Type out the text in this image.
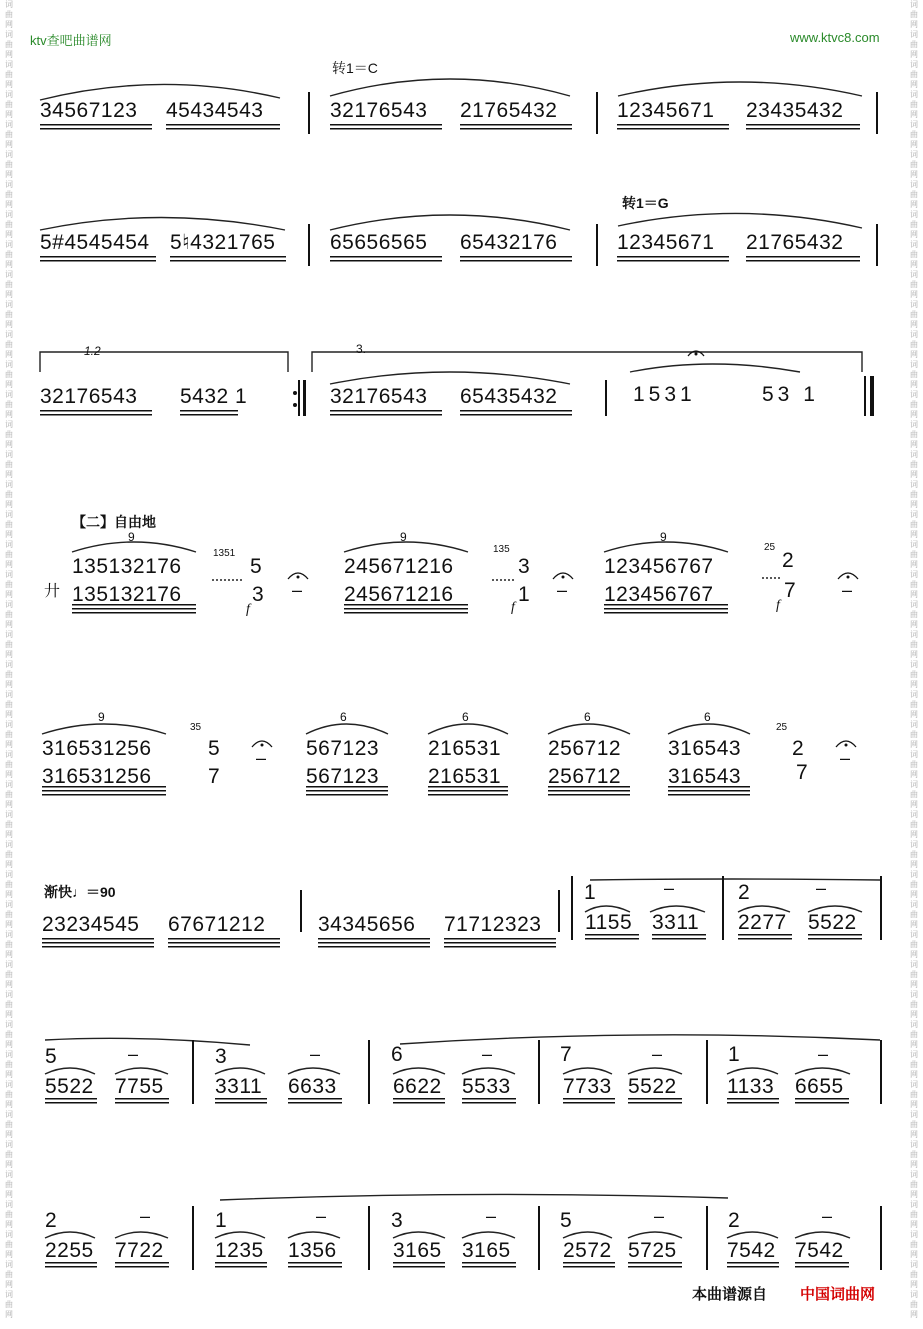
词
曲
网
词
曲
网
词
曲
网
词
曲
网
词
曲
网
词
曲
网
词
曲
网
词
曲
网
词
曲
网
词
曲
网
词
曲
网
词
曲
网
词
曲
网
词
曲
网
词
曲
网
词
曲
网
词
曲
网
词
曲
网
词
曲
网
词
曲
网
词
曲
网
词
曲
网
词
曲
网
词
曲
网
词
曲
网
词
曲
网
词
曲
网
词
曲
网
词
曲
网
词
曲
网
词
曲
网
词
曲
网
词
曲
网
词
曲
网
词
曲
网
词
曲
网
词
曲
网
词
曲
网
词
曲
网
词
曲
网
词
曲
网
词
曲
网
词
曲
网
词
曲
网

词
曲
网
词
曲
网
词
曲
网
词
曲
网
词
曲
网
词
曲
网
词
曲
网
词
曲
网
词
曲
网
词
曲
网
词
曲
网
词
曲
网
词
曲
网
词
曲
网
词
曲
网
词
曲
网
词
曲
网
词
曲
网
词
曲
网
词
曲
网
词
曲
网
词
曲
网
词
曲
网
词
曲
网
词
曲
网
词
曲
网
词
曲
网
词
曲
网
词
曲
网
词
曲
网
词
曲
网
词
曲
网
词
曲
网
词
曲
网
词
曲
网
词
曲
网
词
曲
网
词
曲
网
词
曲
网
词
曲
网
词
曲
网
词
曲
网
词
曲
网
词
曲
网

ktv查吧曲谱网	www.ktvc8.com
转1＝C
34567123 45434543	32176543 21765432	12345671 23435432
转1＝G
5#4545454 5♮4321765	65656565 65432176	12345671 21765432
1.2	3.
32176543 5432 1	32176543 65435432	1531	53 1
【二】自由地
廾
9
135132176
135132176
1351
5
3
f
–
9
245671216
245671216
135
3
1
f
–
9
123456767
123456767
25
2
7
f
–
9
316531256
316531256
35
5
7
–
6
567123
567123
6
216531
216531
6
256712
256712
6
316543
316543
25
2
7
–
渐快♩＝90
23234545 67671212	34345656 71712323
1	–
1155 3311
2	–
2277 5522
5	–
5522 7755
3	–
3311 6633
6	–
6622 5533
7	–
7733 5522
1	–
1133 6655
2	–
2255 7722
1	–
1235 1356
3	–
3165 3165
5	–
2572 5725
2	–
7542 7542
本曲谱源自 中国词曲网
